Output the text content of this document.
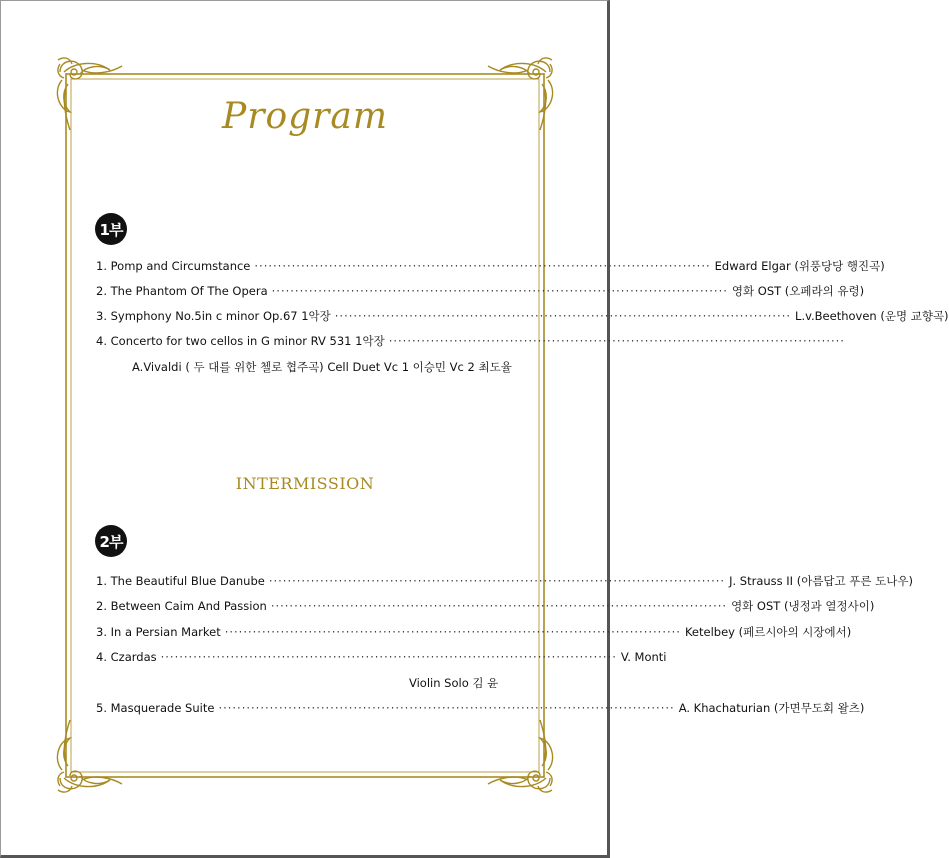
Program
1부
1. Pomp and Circumstance ·································································································· Edward Elgar (위풍당당 행진곡)
2. The Phantom Of The Opera ·································································································· 영화 OST (오페라의 유령)
3. Symphony No.5in c minor Op.67 1악장 ·································································································· L.v.Beethoven (운명 교향곡)
4. Concerto for two cellos in G minor RV 531 1악장 ··································································································
A.Vivaldi ( 두 대를 위한 첼로 협주곡) Cell Duet Vc 1 이승민 Vc 2 최도율
INTERMISSION
2부
1. The Beautiful Blue Danube ·································································································· J. Strauss II (아름답고 푸른 도나우)
2. Between Caim And Passion ·································································································· 영화 OST (냉정과 열정사이)
3. In a Persian Market ·································································································· Ketelbey (페르시아의 시장에서)
4. Czardas ·································································································· V. Monti
Violin Solo 김 윤
5. Masquerade Suite ·································································································· A. Khachaturian (가면무도회 왈츠)
